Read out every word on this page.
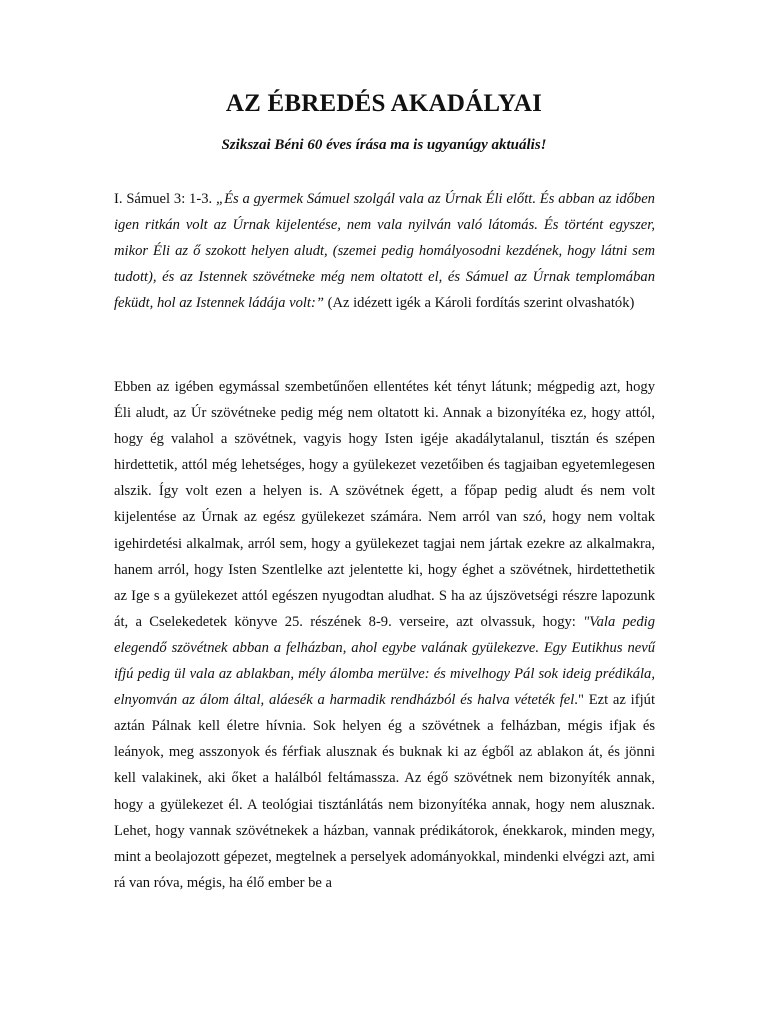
AZ ÉBREDÉS AKADÁLYAI

Szikszai Béni 60 éves írása ma is ugyanúgy aktuális!

I. Sámuel 3: 1-3. „És a gyermek Sámuel szolgál vala az Úrnak Éli előtt. És abban az időben igen ritkán volt az Úrnak kijelentése, nem vala nyilván való látomás. És történt egyszer, mikor Éli az ő szokott helyen aludt, (szemei pedig homályosodni kezdének, hogy látni sem tudott), és az Istennek szövétneke még nem oltatott el, és Sámuel az Úrnak templomában feküdt, hol az Istennek ládája volt:” (Az idézett igék a Károli fordítás szerint olvashatók)

Ebben az igében egymással szembetűnően ellentétes két tényt látunk; mégpedig azt, hogy Éli aludt, az Úr szövétneke pedig még nem oltatott ki. Annak a bizonyítéka ez, hogy attól, hogy ég valahol a szövétnek, vagyis hogy Isten igéje akadálytalanul, tisztán és szépen hirdettetik, attól még lehetséges, hogy a gyülekezet vezetőiben és tagjaiban egyetemlegesen alszik. Így volt ezen a helyen is. A szövétnek égett, a főpap pedig aludt és nem volt kijelentése az Úrnak az egész gyülekezet számára. Nem arról van szó, hogy nem voltak igehirdetési alkalmak, arról sem, hogy a gyülekezet tagjai nem jártak ezekre az alkalmakra, hanem arról, hogy Isten Szentlelke azt jelentette ki, hogy éghet a szövétnek, hirdettethetik az Ige s a gyülekezet attól egészen nyugodtan aludhat. S ha az újszövetségi részre lapozunk át, a Cselekedetek könyve 25. részének 8-9. verseire, azt olvassuk, hogy: "Vala pedig elegendő szövétnek abban a felházban, ahol egybe valának gyülekezve. Egy Eutikhus nevű ifjú pedig ül vala az ablakban, mély álomba merülve: és mivelhogy Pál sok ideig prédikála, elnyomván az álom által, aláesék a harmadik rendházból és halva véteték fel." Ezt az ifjút aztán Pálnak kell életre hívnia. Sok helyen ég a szövétnek a felházban, mégis ifjak és leányok, meg asszonyok és férfiak alusznak és buknak ki az égből az ablakon át, és jönni kell valakinek, aki őket a halálból feltámassza. Az égő szövétnek nem bizonyíték annak, hogy a gyülekezet él. A teológiai tisztánlátás nem bizonyítéka annak, hogy nem alusznak. Lehet, hogy vannak szövétnekek a házban, vannak prédikátorok, énekkarok, minden megy, mint a beolajozott gépezet, megtelnek a perselyek adományokkal, mindenki elvégzi azt, ami rá van róva, mégis, ha élő ember be a
